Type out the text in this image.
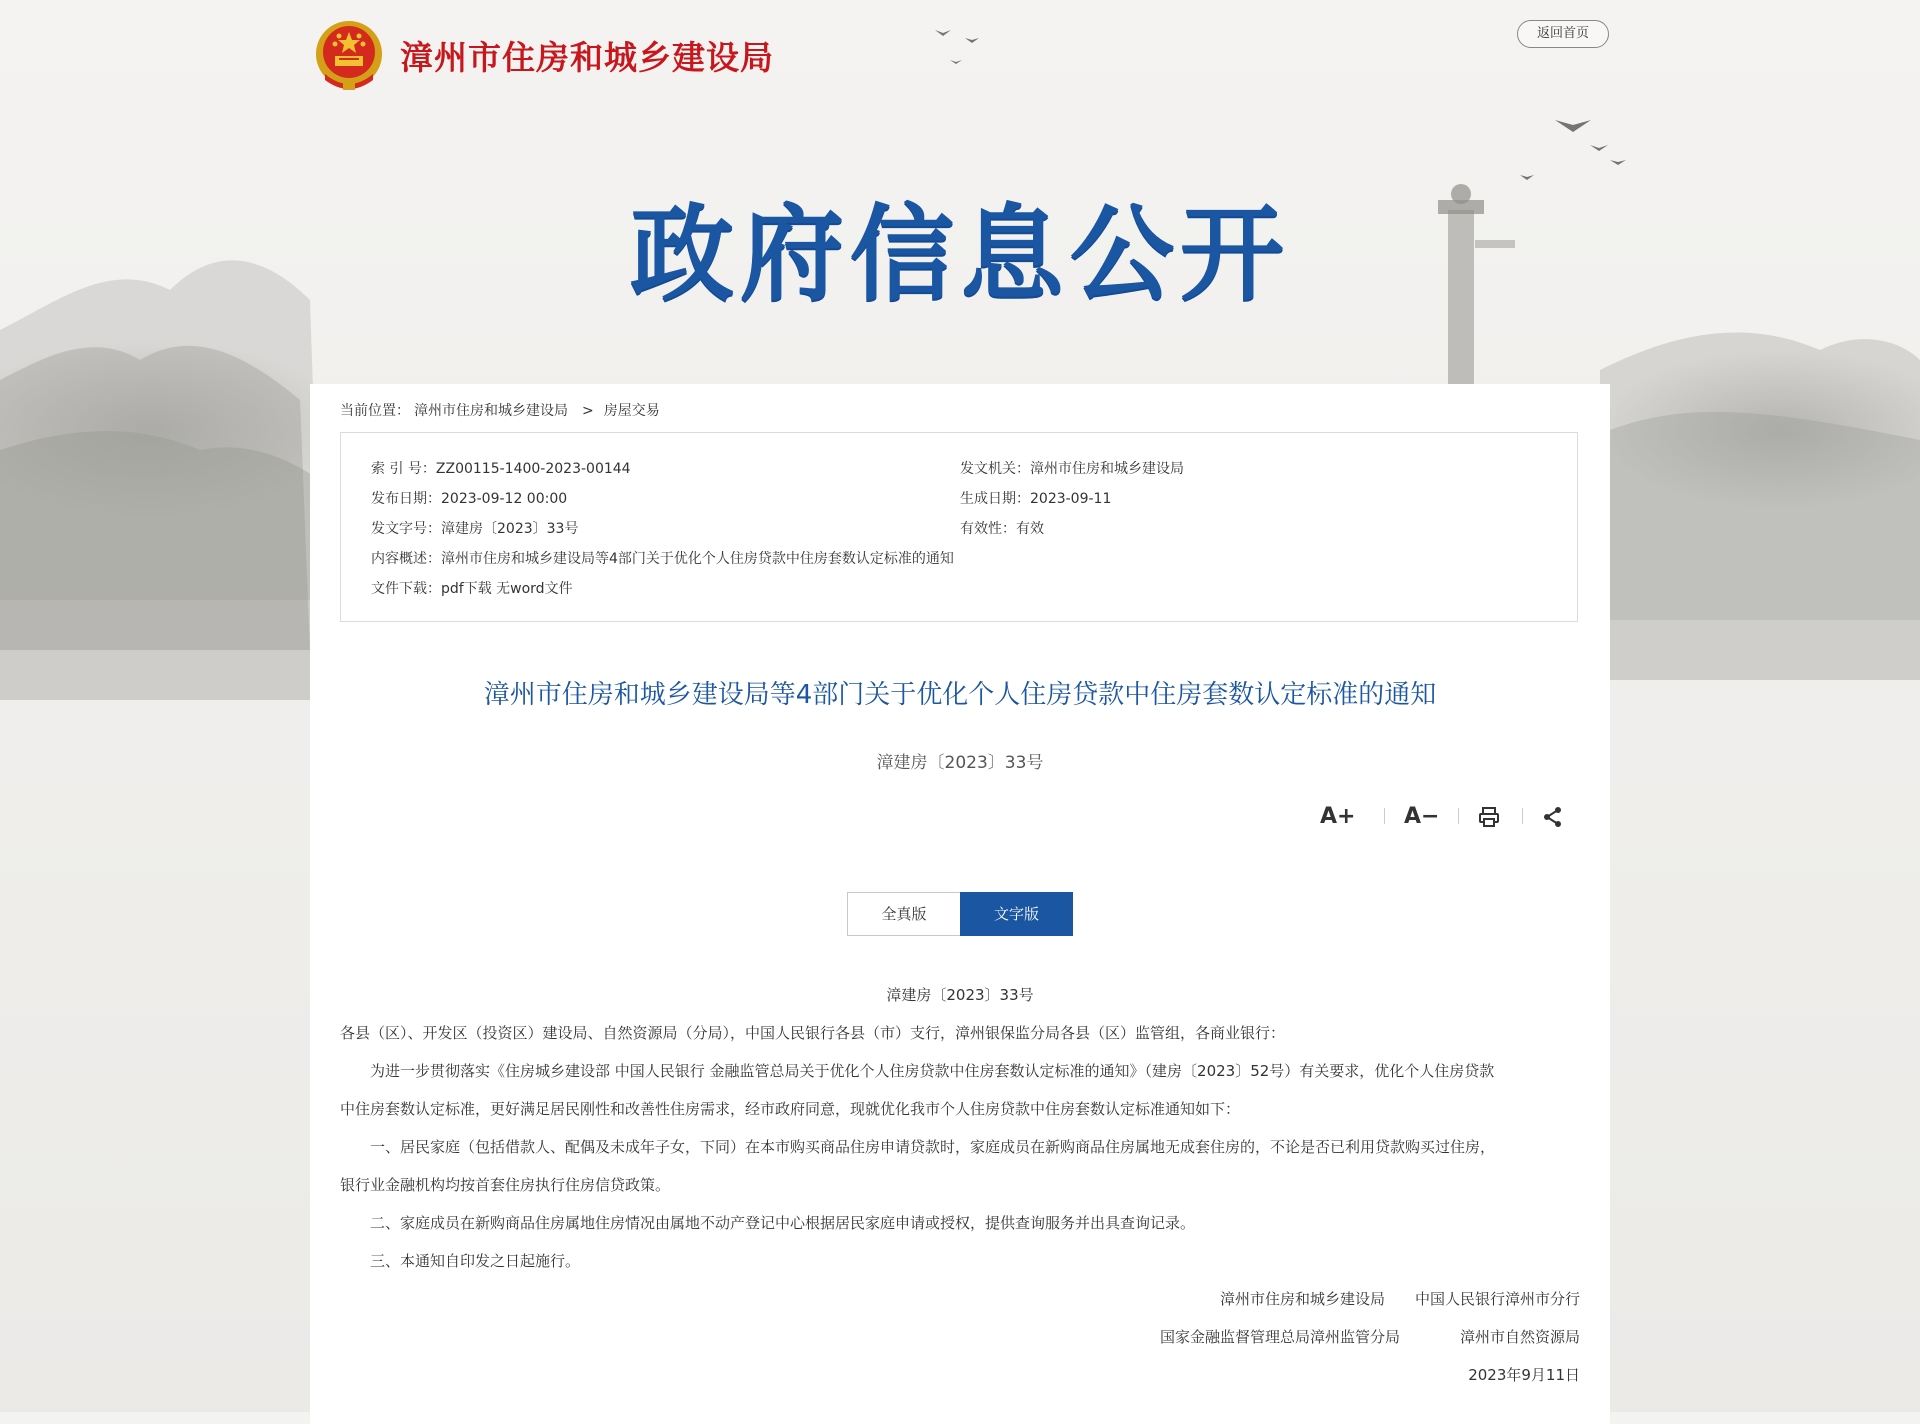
漳州市住房和城乡建设局
返回首页
政府信息公开
当前位置： 漳州市住房和城乡建设局 > 房屋交易
索 引 号：ZZ00115-1400-2023-00144	发文机关：漳州市住房和城乡建设局
发布日期：2023-09-12 00:00	生成日期：2023-09-11
发文字号：漳建房〔2023〕33号	有效性：有效
内容概述：漳州市住房和城乡建设局等4部门关于优化个人住房贷款中住房套数认定标准的通知
文件下载：pdf下载 无word文件
漳州市住房和城乡建设局等4部门关于优化个人住房贷款中住房套数认定标准的通知
漳建房〔2023〕33号
A+ A−
全真版	文字版
漳建房〔2023〕33号
各县（区）、开发区（投资区）建设局、自然资源局（分局），中国人民银行各县（市）支行，漳州银保监分局各县（区）监管组，各商业银行：
为进一步贯彻落实《住房城乡建设部 中国人民银行 金融监管总局关于优化个人住房贷款中住房套数认定标准的通知》（建房〔2023〕52号）有关要求，优化个人住房贷款
中住房套数认定标准，更好满足居民刚性和改善性住房需求，经市政府同意，现就优化我市个人住房贷款中住房套数认定标准通知如下：
一、居民家庭（包括借款人、配偶及未成年子女，下同）在本市购买商品住房申请贷款时，家庭成员在新购商品住房属地无成套住房的，不论是否已利用贷款购买过住房，
银行业金融机构均按首套住房执行住房信贷政策。
二、家庭成员在新购商品住房属地住房情况由属地不动产登记中心根据居民家庭申请或授权，提供查询服务并出具查询记录。
三、本通知自印发之日起施行。
漳州市住房和城乡建设局 中国人民银行漳州市分行
国家金融监督管理总局漳州监管分局	漳州市自然资源局
2023年9月11日
